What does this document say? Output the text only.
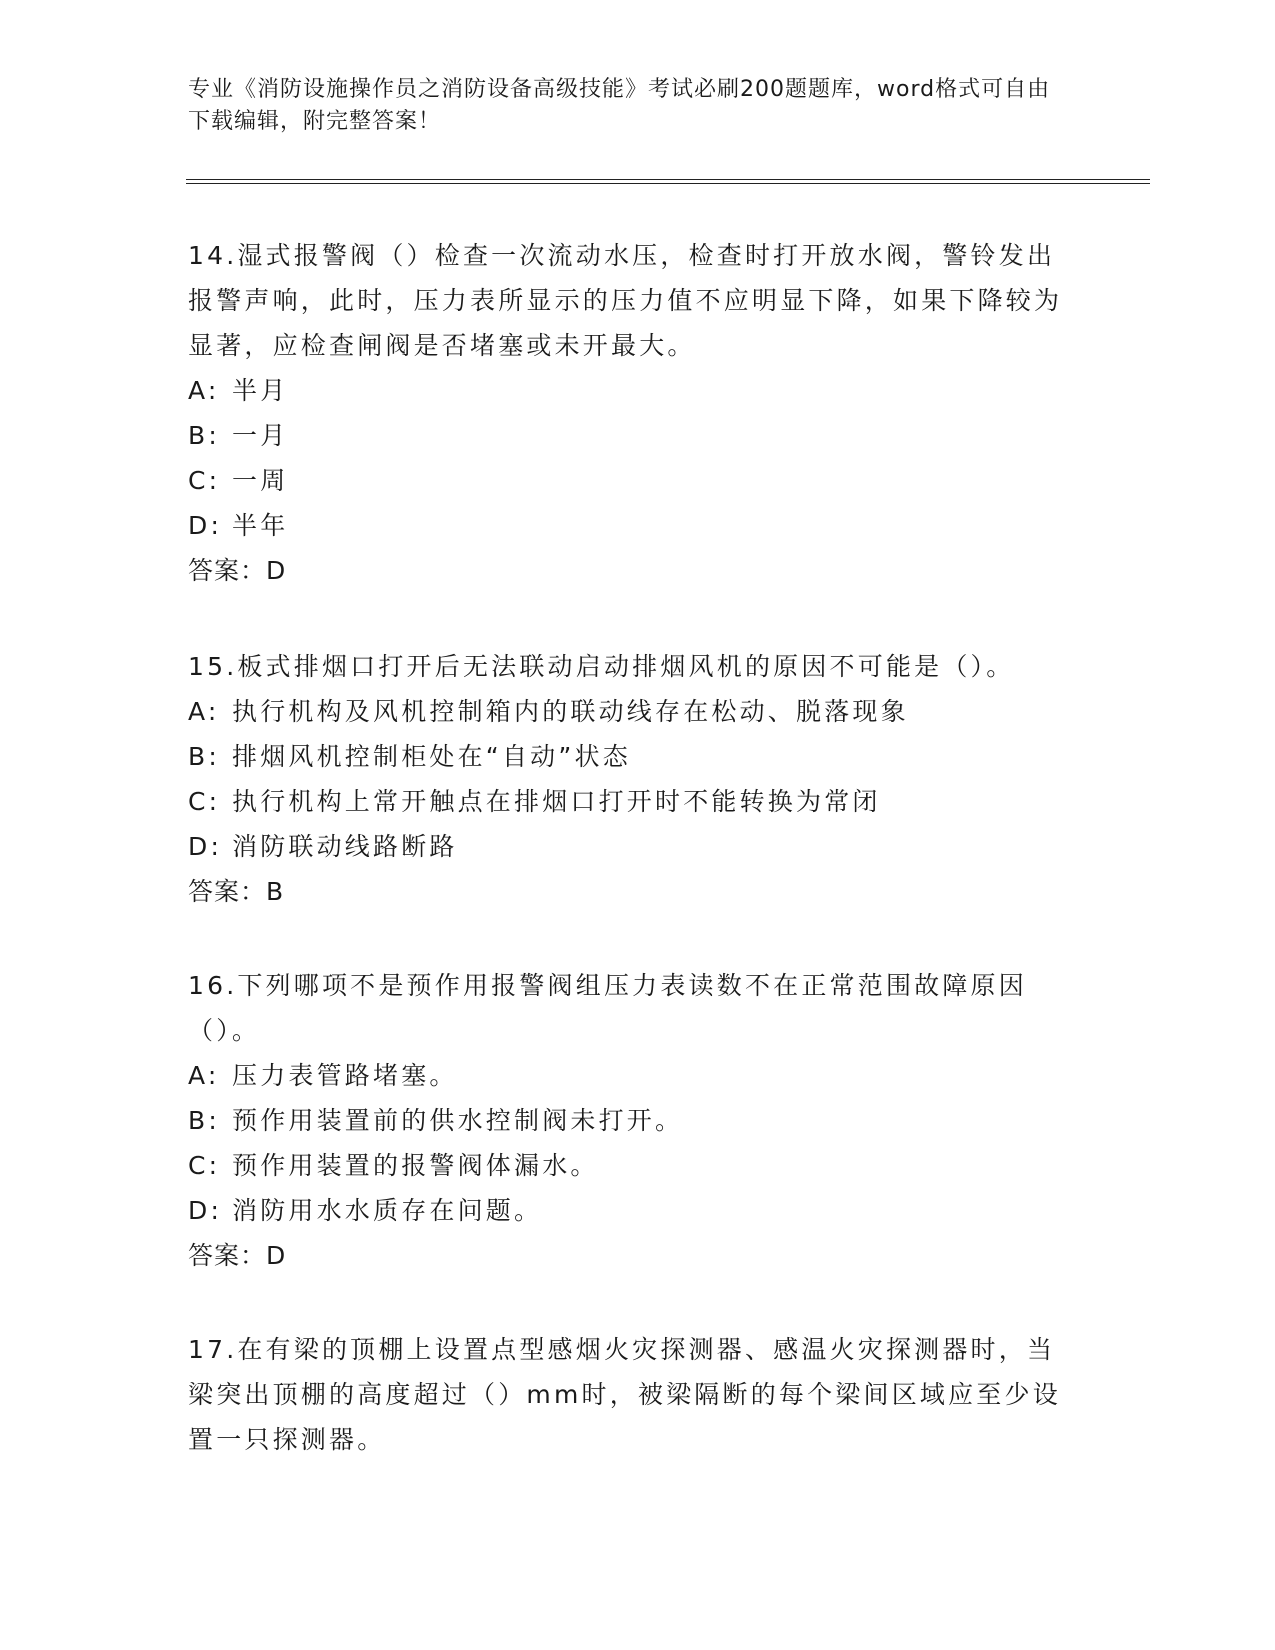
专业《消防设施操作员之消防设备高级技能》考试必刷200题题库，word格式可自由下载编辑，附完整答案！

14.湿式报警阀（）检查一次流动水压，检查时打开放水阀，警铃发出报警声响，此时，压力表所显示的压力值不应明显下降，如果下降较为显著，应检查闸阀是否堵塞或未开最大。

A: 半月

B: 一月

C: 一周

D: 半年

答案：D

15.板式排烟口打开后无法联动启动排烟风机的原因不可能是（）。

A: 执行机构及风机控制箱内的联动线存在松动、脱落现象

B: 排烟风机控制柜处在“自动”状态

C: 执行机构上常开触点在排烟口打开时不能转换为常闭

D: 消防联动线路断路

答案：B

16.下列哪项不是预作用报警阀组压力表读数不在正常范围故障原因（）。

A: 压力表管路堵塞。

B: 预作用装置前的供水控制阀未打开。

C: 预作用装置的报警阀体漏水。

D: 消防用水水质存在问题。

答案：D

17.在有梁的顶棚上设置点型感烟火灾探测器、感温火灾探测器时，当梁突出顶棚的高度超过（）mm时，被梁隔断的每个梁间区域应至少设置一只探测器。
